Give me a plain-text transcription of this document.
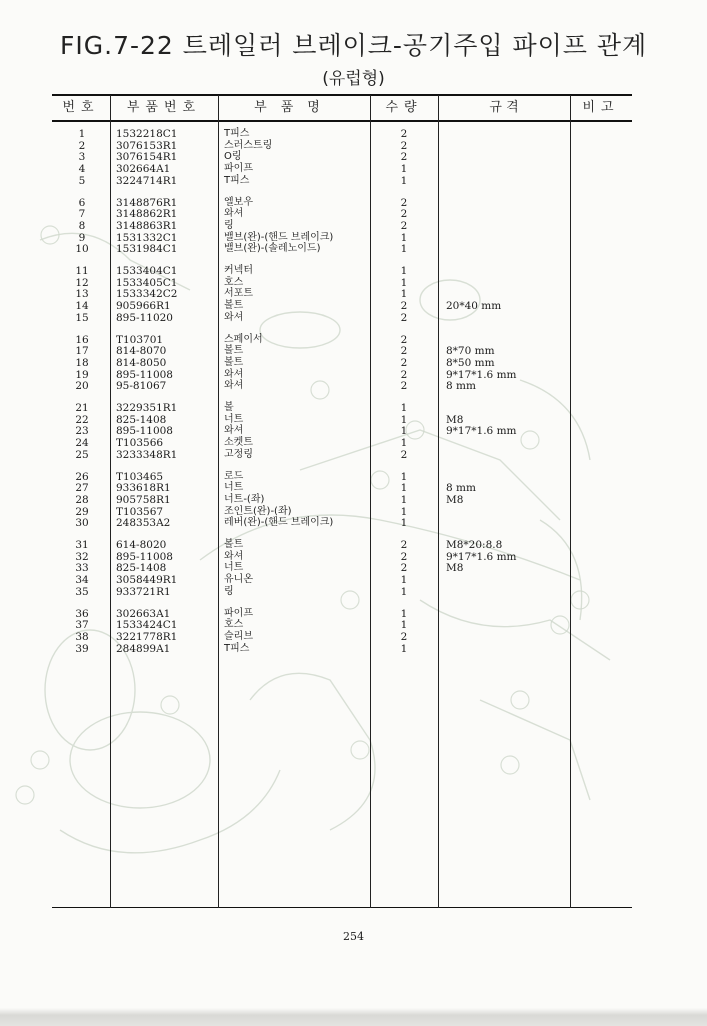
FIG.7-22 트레일러 브레이크-공기주입 파이프 관계
(유럽형)
번호	부품번호	부품명	수량	규 격	비고
1	1532218C1	T피스	2
2	3076153R1	스러스트링	2
3	3076154R1	O링	2
4	302664A1	파이프	1
5	3224714R1	T피스	1
6	3148876R1	엘보우	2
7	3148862R1	와셔	2
8	3148863R1	링	2
9	1531332C1	밸브(완)-(핸드 브레이크)	1
10	1531984C1	밸브(완)-(솔레노이드)	1
11	1533404C1	커넥터	1
12	1533405C1	호스	1
13	1533342C2	서포트	1
14	905966R1	볼트	2	20*40 mm
15	895-11020	와셔	2
16	T103701	스페이서	2
17	814-8070	볼트	2	8*70 mm
18	814-8050	볼트	2	8*50 mm
19	895-11008	와셔	2	9*17*1.6 mm
20	95-81067	와셔	2	8 mm
21	3229351R1	볼	1
22	825-1408	너트	1	M8
23	895-11008	와셔	1	9*17*1.6 mm
24	T103566	소켓트	1
25	3233348R1	고정링	2
26	T103465	로드	1
27	933618R1	너트	1	8 mm
28	905758R1	너트-(좌)	1	M8
29	T103567	조인트(완)-(좌)	1
30	248353A2	레버(완)-(핸드 브레이크)	1
31	614-8020	볼트	2	M8*20:8.8
32	895-11008	와셔	2	9*17*1.6 mm
33	825-1408	너트	2	M8
34	3058449R1	유니온	1
35	933721R1	링	1
36	302663A1	파이프	1
37	1533424C1	호스	1
38	3221778R1	슬리브	2
39	284899A1	T피스	1
254
